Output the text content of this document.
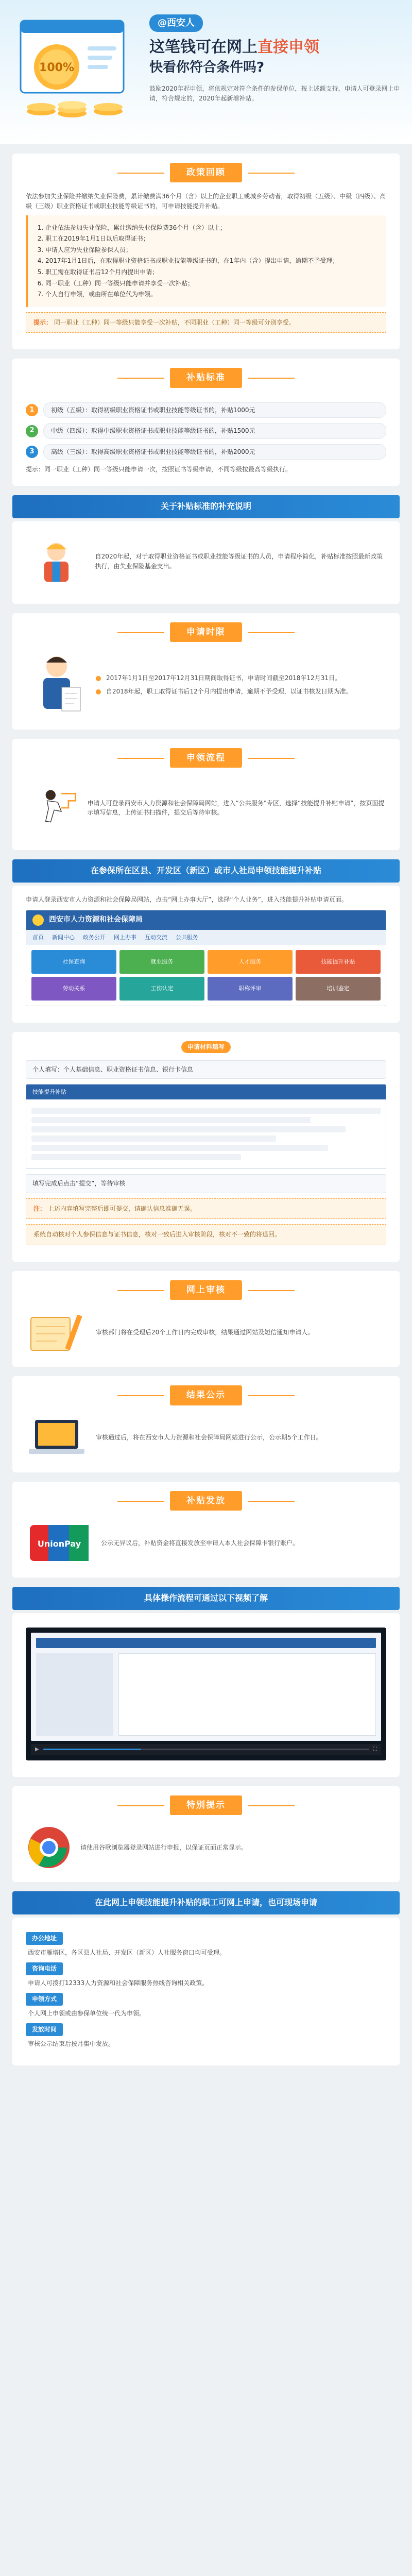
100%
@西安人
这笔钱可在网上直接申领
快看你符合条件吗?
鼓励2020年起申领，将依规定对符合条件的参保单位，按上述额支持，申请人可登录网上申请，符合规定的，2020年起新增补贴。
政策回顾

依法参加失业保险并缴纳失业保险费，累计缴费满36个月（含）以上的企业职工或城乡劳动者，取得初级（五级）、中级（四级）、高级（三级）职业资格证书或职业技能等级证书的，可申请技能提升补贴。

1. 企业依法参加失业保险，累计缴纳失业保险费36个月（含）以上；
2. 职工在2019年1月1日以后取得证书；
3. 申请人应为失业保险参保人员；
4. 2017年1月1日后，在取得职业资格证书或职业技能等级证书的，在1年内（含）提出申请，逾期不予受理；
5. 职工需在取得证书后12个月内提出申请；
6. 同一职业（工种）同一等级只能申请并享受一次补贴；
7. 个人自行申领，或由所在单位代为申领。
提示： 同一职业（工种）同一等级只能享受一次补贴，不同职业（工种）同一等级可分别享受。
补贴标准
1	初级（五级）：取得初级职业资格证书或职业技能等级证书的，补贴1000元
2	中级（四级）：取得中级职业资格证书或职业技能等级证书的，补贴1500元
3	高级（三级）：取得高级职业资格证书或职业技能等级证书的，补贴2000元

提示：同一职业（工种）同一等级只能申请一次，按照证书等级申请，不同等级按最高等级执行。

关于补贴标准的补充说明

自2020年起，对于取得职业资格证书或职业技能等级证书的人员，申请程序简化，补贴标准按照最新政策执行，由失业保险基金支出。

申请时限
2017年1月1日至2017年12月31日期间取得证书，申请时间截至2018年12月31日。
自2018年起，职工取得证书后12个月内提出申请，逾期不予受理，以证书核发日期为准。
申领流程

申请人可登录西安市人力资源和社会保障局网站，进入“公共服务”专区，选择“技能提升补贴申请”，按页面提示填写信息，上传证书扫描件，提交后等待审核。

在参保所在区县、开发区（新区）或市人社局申领技能提升补贴

申请人登录西安市人力资源和社会保障局网站，点击“网上办事大厅”，选择“个人业务”，进入技能提升补贴申请页面。

西安市人力资源和社会保障局
首页 新闻中心 政务公开 网上办事 互动交流 公共服务
社保查询	就业服务	人才服务	技能提升补贴
劳动关系	工伤认定	职称评审	培训鉴定
申请材料填写
个人填写：个人基础信息、职业资格证书信息、银行卡信息
技能提升补贴
填写完成后点击“提交”，等待审核
注： 上述内容填写完整后即可提交，请确认信息准确无误。
系统自动核对个人参保信息与证书信息，核对一致后进入审核阶段，核对不一致的将退回。
网上审核

审核部门将在受理后20个工作日内完成审核，结果通过网站及短信通知申请人。

结果公示

审核通过后，将在西安市人力资源和社会保障局网站进行公示，公示期5个工作日。

补贴发放
UnionPay	公示无异议后，补贴资金将直接发放至申请人本人社会保障卡银行账户。

具体操作流程可通过以下视频了解
▶	⛶
特别提示

请使用谷歌浏览器登录网站进行申报，以保证页面正常显示。

在此网上申领技能提升补贴的职工可网上申请，也可现场申请
办公地址
西安市雁塔区，各区县人社局、开发区（新区）人社服务窗口均可受理。
咨询电话
申请人可拨打12333人力资源和社会保障服务热线咨询相关政策。
申领方式
个人网上申领或由参保单位统一代为申领。
发放时间
审核公示结束后按月集中发放。
